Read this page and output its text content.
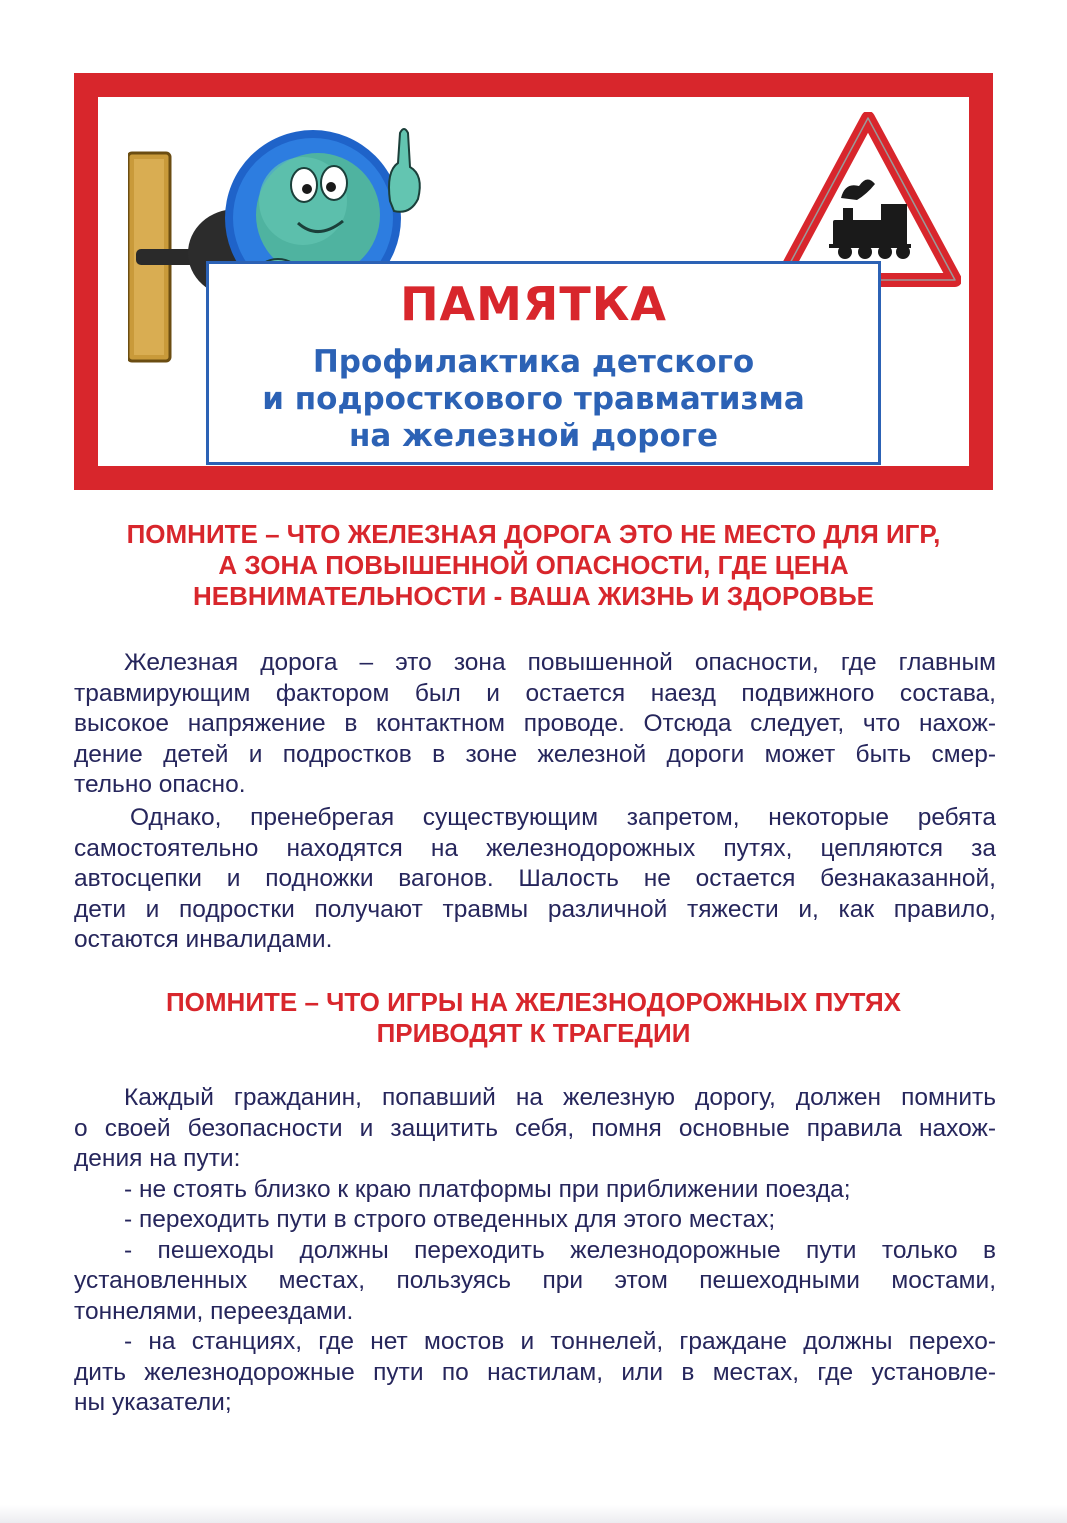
ПАМЯТКА
Профилактика детского
и подросткового травматизма
на железной дороге
ПОМНИТЕ – ЧТО ЖЕЛЕЗНАЯ ДОРОГА ЭТО НЕ МЕСТО ДЛЯ ИГР,
А ЗОНА ПОВЫШЕННОЙ ОПАСНОСТИ, ГДЕ ЦЕНА
НЕВНИМАТЕЛЬНОСТИ - ВАША ЖИЗНЬ И ЗДОРОВЬЕ
Железная дорога – это зона повышенной опасности, где главным
травмирующим фактором был и остается наезд подвижного состава,
высокое напряжение в контактном проводе. Отсюда следует, что нахож-
дение детей и подростков в зоне железной дороги может быть смер-
тельно опасно.
Однако, пренебрегая существующим запретом, некоторые ребята
самостоятельно находятся на железнодорожных путях, цепляются за
автосцепки и подножки вагонов. Шалость не остается безнаказанной,
дети и подростки получают травмы различной тяжести и, как правило,
остаются инвалидами.
ПОМНИТЕ – ЧТО ИГРЫ НА ЖЕЛЕЗНОДОРОЖНЫХ ПУТЯХ
ПРИВОДЯТ К ТРАГЕДИИ
Каждый гражданин, попавший на железную дорогу, должен помнить
о своей безопасности и защитить себя, помня основные правила нахож-
дения на пути:
- не стоять близко к краю платформы при приближении поезда;
- переходить пути в строго отведенных для этого местах;
- пешеходы должны переходить железнодорожные пути только в
установленных местах, пользуясь при этом пешеходными мостами,
тоннелями, переездами.
- на станциях, где нет мостов и тоннелей, граждане должны перехо-
дить железнодорожные пути по настилам, или в местах, где установле-
ны указатели;
